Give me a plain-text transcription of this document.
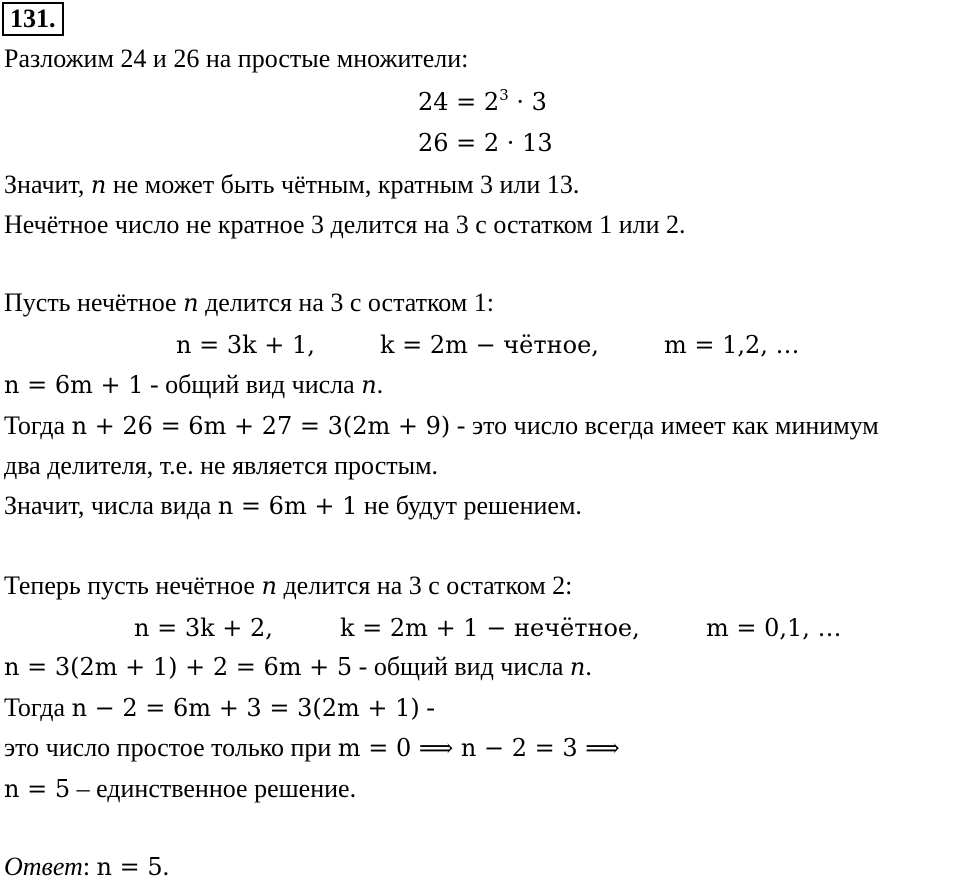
131.
Разложим 24 и 26 на простые множители:
$24 = 2^3 \cdot 3$
26 = 2 · 13
Значит, n не может быть чётным, кратным 3 или 13.
Нечётное число не кратное 3 делится на 3 с остатком 1 или 2.
Пусть нечётное n делится на 3 с остатком 1:
n = 3k + 1,	k = 2m − чётное,	m = 1,2, …
n = 6m + 1 - общий вид числа n.
Тогда n + 26 = 6m + 27 = 3(2m + 9) - это число всегда имеет как минимум
два делителя, т.е. не является простым.
Значит, числа вида n = 6m + 1 не будут решением.
Теперь пусть нечётное n делится на 3 с остатком 2:
n = 3k + 2,	k = 2m + 1 − нечётное,	m = 0,1, …
n = 3(2m + 1) + 2 = 6m + 5 - общий вид числа n.
Тогда n − 2 = 6m + 3 = 3(2m + 1) -
это число простое только при m = 0 ⟹ n − 2 = 3 ⟹
n = 5 – единственное решение.
Ответ: n = 5.
